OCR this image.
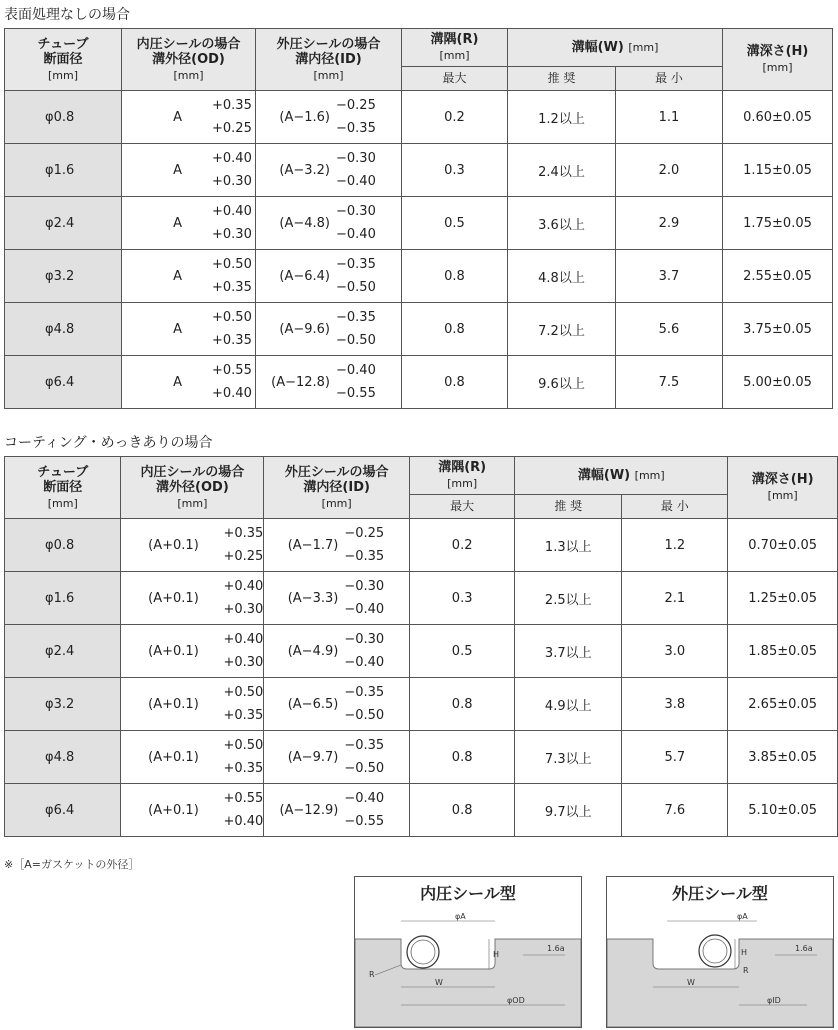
表面処理なしの場合
チューブ
断面径
[mm]	内圧シールの場合
溝外径(OD)
[mm]	外圧シールの場合
溝内径(ID)
[mm]	溝隅(R)
[mm]	溝幅(W) [mm]		溝深さ(H)
[mm]

			最大	推 奨	最 小	
φ0.8	A
+0.35
+0.25	(A−1.6)
−0.25
−0.35	0.2	1.2以上	1.1	0.60±0.05
φ1.6	A
+0.40
+0.30	(A−3.2)
−0.30
−0.40	0.3	2.4以上	2.0	1.15±0.05
φ2.4	A
+0.40
+0.30	(A−4.8)
−0.30
−0.40	0.5	3.6以上	2.9	1.75±0.05
φ3.2	A
+0.50
+0.35	(A−6.4)
−0.35
−0.50	0.8	4.8以上	3.7	2.55±0.05
φ4.8	A
+0.50
+0.35	(A−9.6)
−0.35
−0.50	0.8	7.2以上	5.6	3.75±0.05
φ6.4	A
+0.55
+0.40	(A−12.8)
−0.40
−0.55	0.8	9.6以上	7.5	5.00±0.05
コーティング・めっきありの場合
チューブ
断面径
[mm]	内圧シールの場合
溝外径(OD)
[mm]	外圧シールの場合
溝内径(ID)
[mm]	溝隅(R)
[mm]	溝幅(W) [mm]		溝深さ(H)
[mm]

			最大	推 奨	最 小	
φ0.8	(A+0.1)
+0.35
+0.25	(A−1.7)
−0.25
−0.35	0.2	1.3以上	1.2	0.70±0.05
φ1.6	(A+0.1)
+0.40
+0.30	(A−3.3)
−0.30
−0.40	0.3	2.5以上	2.1	1.25±0.05
φ2.4	(A+0.1)
+0.40
+0.30	(A−4.9)
−0.30
−0.40	0.5	3.7以上	3.0	1.85±0.05
φ3.2	(A+0.1)
+0.50
+0.35	(A−6.5)
−0.35
−0.50	0.8	4.9以上	3.8	2.65±0.05
φ4.8	(A+0.1)
+0.50
+0.35	(A−9.7)
−0.35
−0.50	0.8	7.3以上	5.7	3.85±0.05
φ6.4	(A+0.1)
+0.55
+0.40	(A−12.9)
−0.40
−0.55	0.8	9.7以上	7.6	5.10±0.05
※［A=ガスケットの外径］
内圧シール型
φA
H
1.6a
R
W
φOD
外圧シール型
φA
H
R
1.6a
W
φID
